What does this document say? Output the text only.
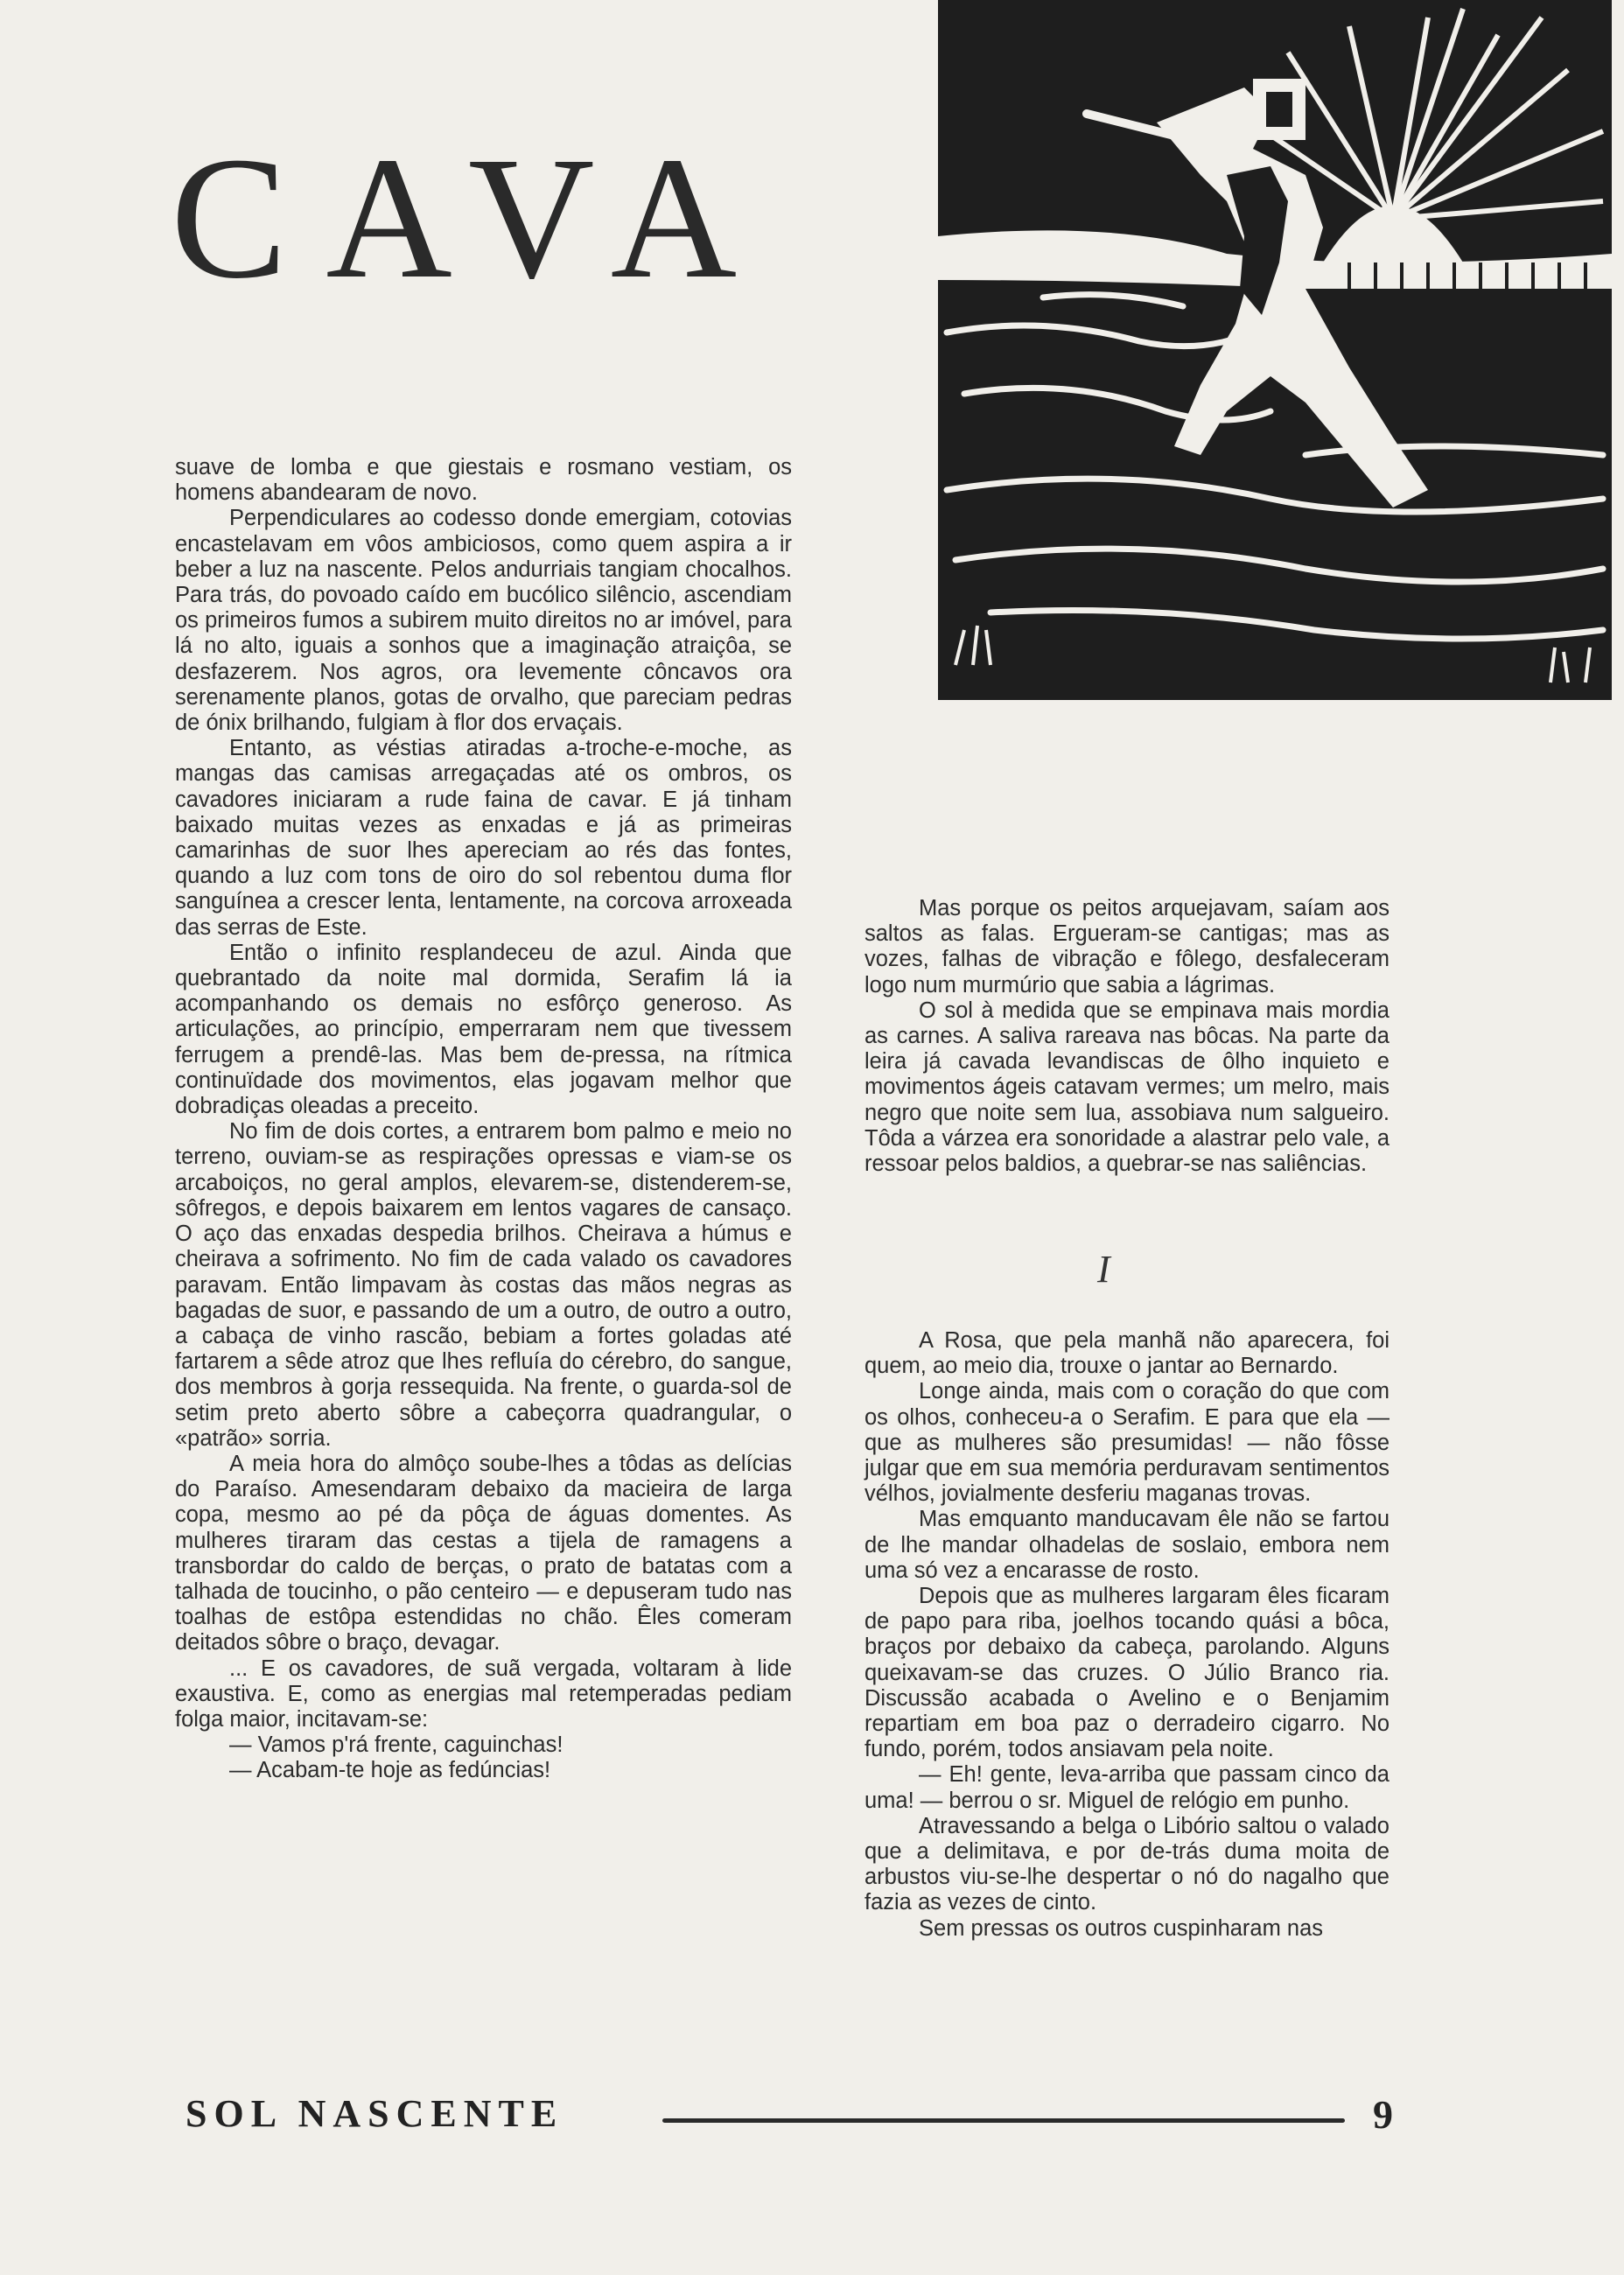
CAVA

suave de lomba e que giestais e rosmano vestiam, os homens abandearam de novo.

Perpendiculares ao codesso donde emergiam, cotovias encastelavam em vôos ambiciosos, como quem aspira a ir beber a luz na nascente. Pelos andurriais tangiam chocalhos. Para trás, do povoado caído em bucólico silêncio, ascendiam os primeiros fumos a subirem muito direitos no ar imóvel, para lá no alto, iguais a sonhos que a imaginação atraiçôa, se desfazerem. Nos agros, ora levemente côncavos ora serenamente planos, gotas de orvalho, que pareciam pedras de ónix brilhando, fulgiam à flor dos ervaçais.

Entanto, as véstias atiradas a-troche-e-moche, as mangas das camisas arregaçadas até os ombros, os cavadores iniciaram a rude faina de cavar. E já tinham baixado muitas vezes as enxadas e já as primeiras camarinhas de suor lhes apereciam ao rés das fontes, quando a luz com tons de oiro do sol rebentou duma flor sanguínea a crescer lenta, lentamente, na corcova arroxeada das serras de Este.

Então o infinito resplandeceu de azul. Ainda que quebrantado da noite mal dormida, Serafim lá ia acompanhando os demais no esfôrço generoso. As articulações, ao princípio, emperraram nem que tivessem ferrugem a prendê-las. Mas bem de-pressa, na rítmica continuïdade dos movimentos, elas jogavam melhor que dobradiças oleadas a preceito.

No fim de dois cortes, a entrarem bom palmo e meio no terreno, ouviam-se as respirações opressas e viam-se os arcaboiços, no geral amplos, elevarem-se, distenderem-se, sôfregos, e depois baixarem em lentos vagares de cansaço. O aço das enxadas despedia brilhos. Cheirava a húmus e cheirava a sofrimento. No fim de cada valado os cavadores paravam. Então limpavam às costas das mãos negras as bagadas de suor, e passando de um a outro, de outro a outro, a cabaça de vinho rascão, bebiam a fortes goladas até fartarem a sêde atroz que lhes refluía do cérebro, do sangue, dos membros à gorja ressequida. Na frente, o guarda-sol de setim preto aberto sôbre a cabeçorra quadrangular, o «patrão» sorria.

A meia hora do almôço soube-lhes a tôdas as delícias do Paraíso. Amesendaram debaixo da macieira de larga copa, mesmo ao pé da pôça de águas domentes. As mulheres tiraram das cestas a tijela de ramagens a transbordar do caldo de berças, o prato de batatas com a talhada de toucinho, o pão centeiro — e depuseram tudo nas toalhas de estôpa estendidas no chão. Êles comeram deitados sôbre o braço, devagar.

... E os cavadores, de suã vergada, voltaram à lide exaustiva. E, como as energias mal retemperadas pediam folga maior, incitavam-se:

— Vamos p'rá frente, caguinchas!

— Acabam-te hoje as fedúncias!

Mas porque os peitos arquejavam, saíam aos saltos as falas. Ergueram-se cantigas; mas as vozes, falhas de vibração e fôlego, desfaleceram logo num murmúrio que sabia a lágrimas.

O sol à medida que se empinava mais mordia as carnes. A saliva rareava nas bôcas. Na parte da leira já cavada levandiscas de ôlho inquieto e movimentos ágeis catavam vermes; um melro, mais negro que noite sem lua, assobiava num salgueiro. Tôda a várzea era sonoridade a alastrar pelo vale, a ressoar pelos baldios, a quebrar-se nas saliências.

I

A Rosa, que pela manhã não aparecera, foi quem, ao meio dia, trouxe o jantar ao Bernardo.

Longe ainda, mais com o coração do que com os olhos, conheceu-a o Serafim. E para que ela — que as mulheres são presumidas! — não fôsse julgar que em sua memória perduravam sentimentos vélhos, jovialmente desferiu maganas trovas.

Mas emquanto manducavam êle não se fartou de lhe mandar olhadelas de soslaio, embora nem uma só vez a encarasse de rosto.

Depois que as mulheres largaram êles ficaram de papo para riba, joelhos tocando quási a bôca, braços por debaixo da cabeça, parolando. Alguns queixavam-se das cruzes. O Júlio Branco ria. Discussão acabada o Avelino e o Benjamim repartiam em boa paz o derradeiro cigarro. No fundo, porém, todos ansiavam pela noite.

— Eh! gente, leva-arriba que passam cinco da uma! — berrou o sr. Miguel de relógio em punho.

Atravessando a belga o Libório saltou o valado que a delimitava, e por de-trás duma moita de arbustos viu-se-lhe despertar o nó do nagalho que fazia as vezes de cinto.

Sem pressas os outros cuspinharam nas

SOL NASCENTE	9
